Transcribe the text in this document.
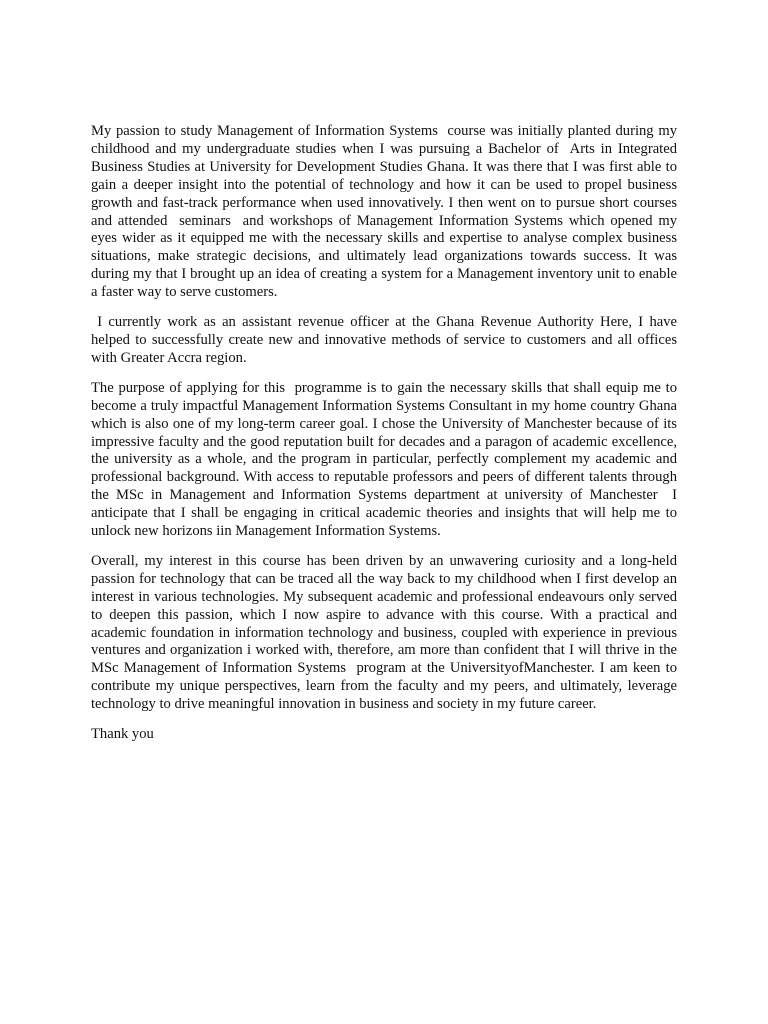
My passion to study Management of Information Systems  course was initially planted during my childhood and my undergraduate studies when I was pursuing a Bachelor of  Arts in Integrated Business Studies at University for Development Studies Ghana. It was there that I was first able to gain a deeper insight into the potential of technology and how it can be used to propel business growth and fast-track performance when used innovatively. I then went on to pursue short courses and attended  seminars  and workshops of Management Information Systems which opened my eyes wider as it equipped me with the necessary skills and expertise to analyse complex business situations, make strategic decisions, and ultimately lead organizations towards success. It was during my that I brought up an idea of creating a system for a Management inventory unit to enable a faster way to serve customers.

I currently work as an assistant revenue officer at the Ghana Revenue Authority Here, I have helped to successfully create new and innovative methods of service to customers and all offices with Greater Accra region.

The purpose of applying for this  programme is to gain the necessary skills that shall equip me to become a truly impactful Management Information Systems Consultant in my home country Ghana which is also one of my long-term career goal. I chose the University of Manchester because of its impressive faculty and the good reputation built for decades and a paragon of academic excellence, the university as a whole, and the program in particular, perfectly complement my academic and professional background. With access to reputable professors and peers of different talents through the MSc in Management and Information Systems department at university of Manchester  I anticipate that I shall be engaging in critical academic theories and insights that will help me to unlock new horizons iin Management Information Systems.

Overall, my interest in this course has been driven by an unwavering curiosity and a long-held passion for technology that can be traced all the way back to my childhood when I first develop an interest in various technologies. My subsequent academic and professional endeavours only served to deepen this passion, which I now aspire to advance with this course. With a practical and academic foundation in information technology and business, coupled with experience in previous ventures and organization i worked with, therefore, am more than confident that I will thrive in the MSc Management of Information Systems  program at the UniversityofManchester. I am keen to contribute my unique perspectives, learn from the faculty and my peers, and ultimately, leverage technology to drive meaningful innovation in business and society in my future career.

Thank you
